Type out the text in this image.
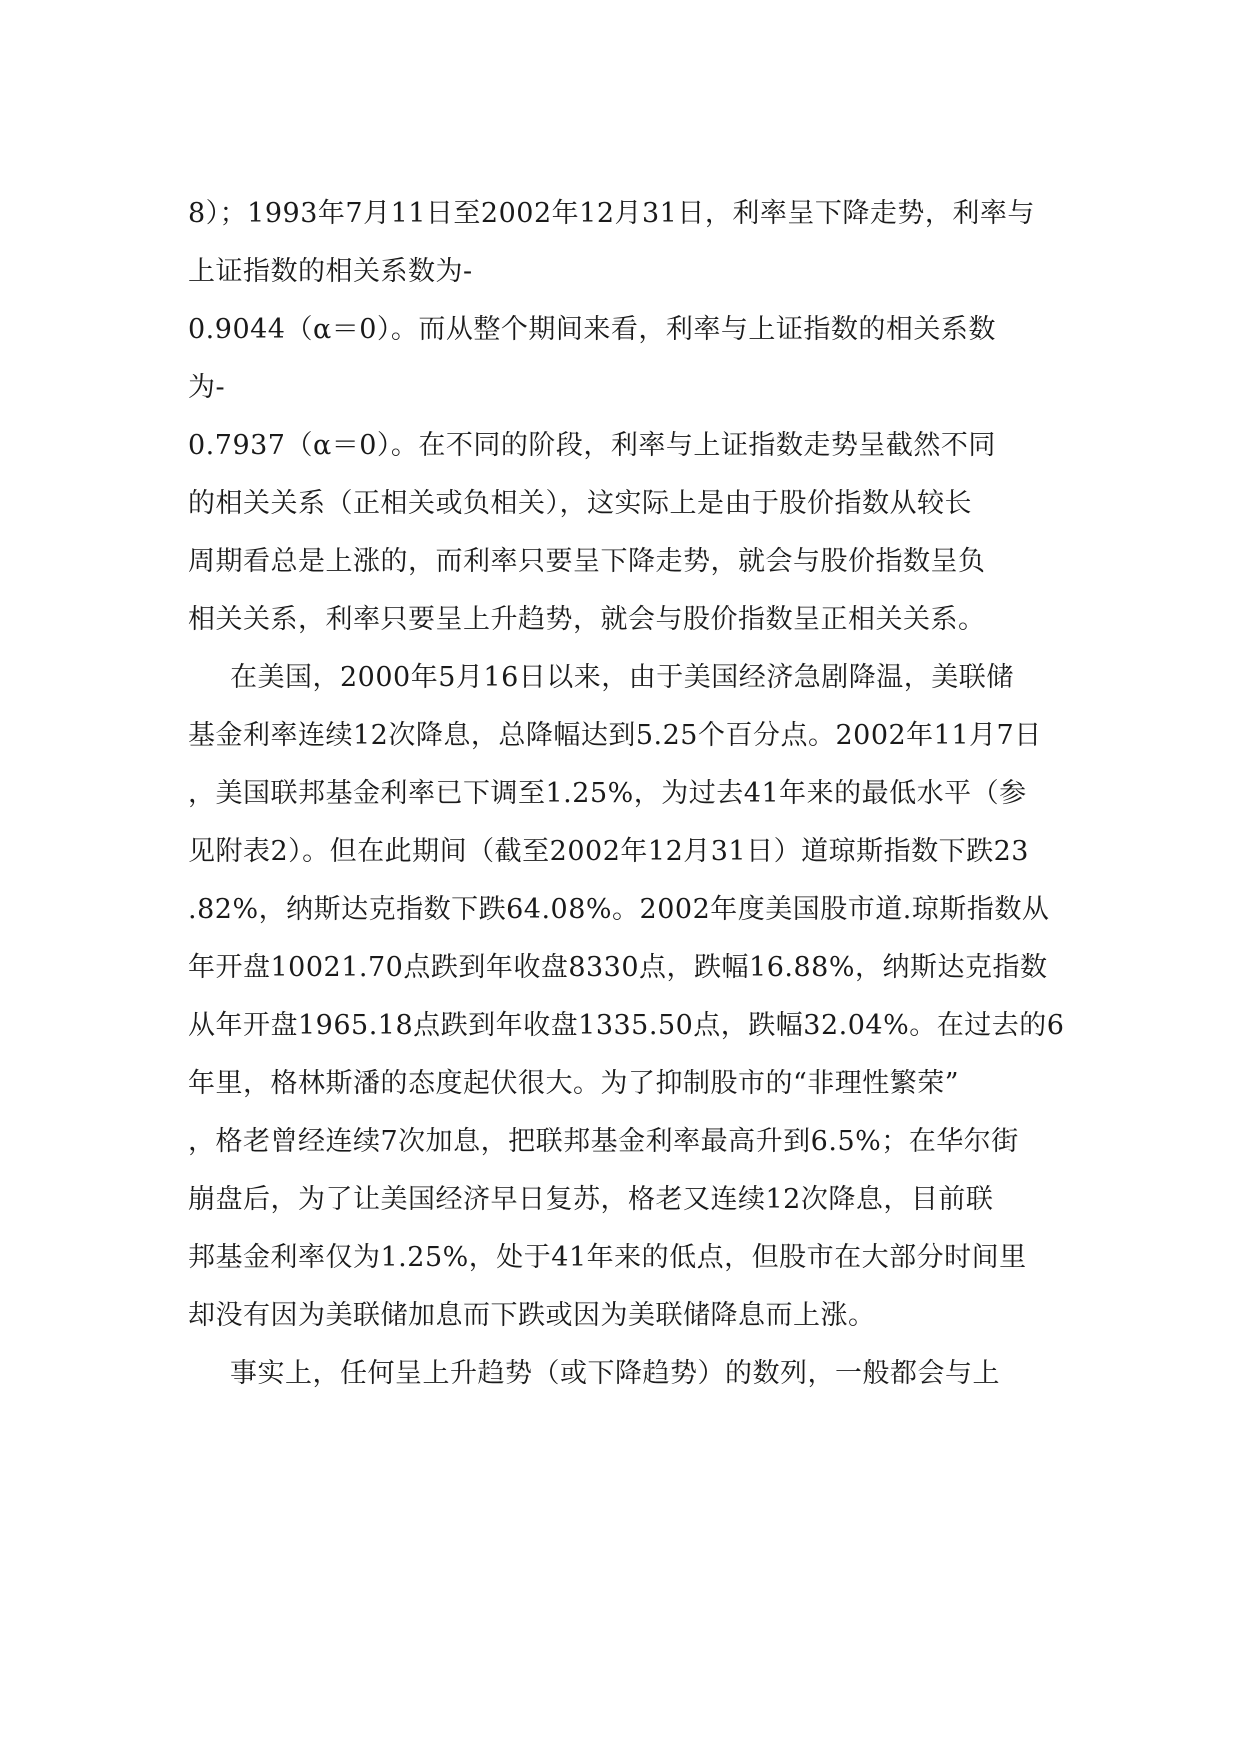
8）；1993年7月11日至2002年12月31日，利率呈下降走势，利率与
上证指数的相关系数为-
0.9044（α＝0）。而从整个期间来看，利率与上证指数的相关系数
为-
0.7937（α＝0）。在不同的阶段，利率与上证指数走势呈截然不同
的相关关系（正相关或负相关），这实际上是由于股价指数从较长
周期看总是上涨的，而利率只要呈下降走势，就会与股价指数呈负
相关关系，利率只要呈上升趋势，就会与股价指数呈正相关关系。
在美国，2000年5月16日以来，由于美国经济急剧降温，美联储
基金利率连续12次降息，总降幅达到5.25个百分点。2002年11月7日
，美国联邦基金利率已下调至1.25%，为过去41年来的最低水平（参
见附表2）。但在此期间（截至2002年12月31日）道琼斯指数下跌23
.82%，纳斯达克指数下跌64.08%。2002年度美国股市道.琼斯指数从
年开盘10021.70点跌到年收盘8330点，跌幅16.88%，纳斯达克指数
从年开盘1965.18点跌到年收盘1335.50点，跌幅32.04%。在过去的6
年里，格林斯潘的态度起伏很大。为了抑制股市的“非理性繁荣”
，格老曾经连续7次加息，把联邦基金利率最高升到6.5%；在华尔街
崩盘后，为了让美国经济早日复苏，格老又连续12次降息，目前联
邦基金利率仅为1.25%，处于41年来的低点，但股市在大部分时间里
却没有因为美联储加息而下跌或因为美联储降息而上涨。
事实上，任何呈上升趋势（或下降趋势）的数列，一般都会与上
